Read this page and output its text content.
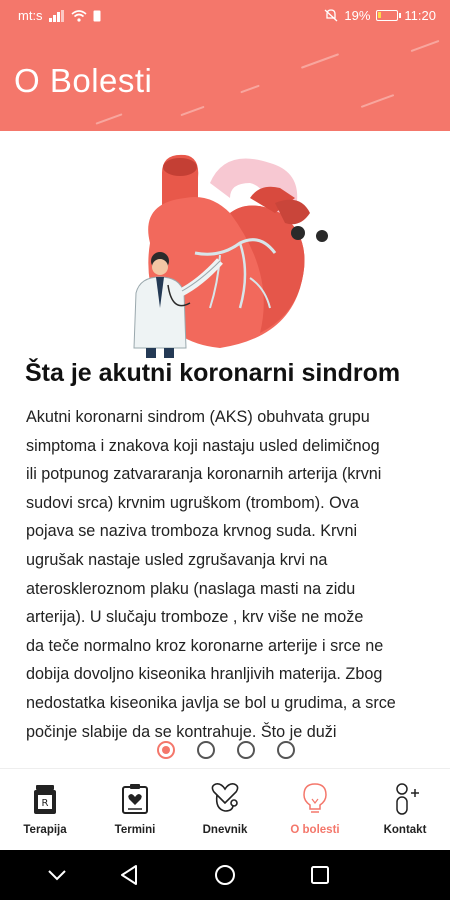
mt:s	19%	11:20
O Bolesti
Šta je akutni koronarni sindrom
Akutni koronarni sindrom (AKS) obuhvata grupu
simptoma i znakova koji nastaju usled delimičnog
ili potpunog zatvararanja koronarnih arterija (krvni
sudovi srca) krvnim ugruškom (trombom). Ova
pojava se naziva tromboza krvnog suda. Krvni
ugrušak nastaje usled zgrušavanja krvi na
ateroskleroznom plaku (naslaga masti na zidu
arterija). U slučaju tromboze , krv više ne može
da teče normalno kroz koronarne arterije i srce ne
dobija dovoljno kiseonika hranljivih materija. Zbog
nedostatka kiseonika javlja se bol u grudima, a srce
počinje slabije da se kontrahuje. Što je duži
R
Terapija	Termini	Dnevnik	O bolesti	Kontakt
